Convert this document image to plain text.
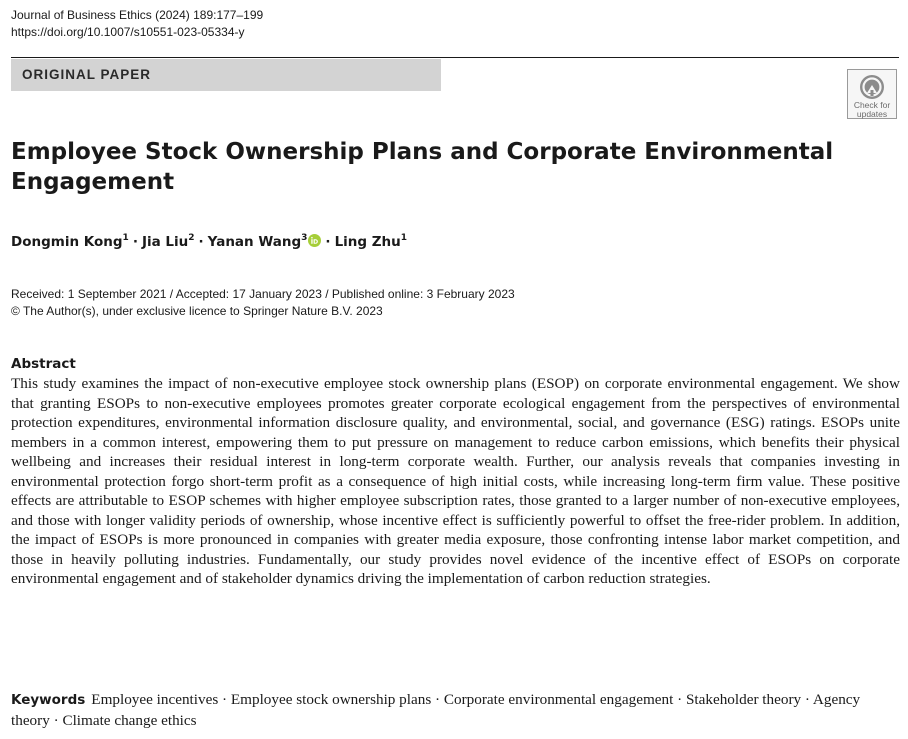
Journal of Business Ethics (2024) 189:177–199
https://doi.org/10.1007/s10551-023-05334-y
ORIGINAL PAPER
Check for
updates
Employee Stock Ownership Plans and Corporate Environmental Engagement
Dongmin Kong$^1$ · Jia Liu$^2$ · Yanan Wang$^3$ · Ling Zhu$^1$
Received: 1 September 2021 / Accepted: 17 January 2023 / Published online: 3 February 2023
© The Author(s), under exclusive licence to Springer Nature B.V. 2023
Abstract

This study examines the impact of non-executive employee stock ownership plans (ESOP) on corporate environmental engagement. We show that granting ESOPs to non-executive employees promotes greater corporate ecological engagement from the perspectives of environmental protection expenditures, environmental information disclosure quality, and environmental, social, and governance (ESG) ratings. ESOPs unite members in a common interest, empowering them to put pressure on management to reduce carbon emissions, which benefits their physical wellbeing and increases their residual interest in long-term corporate wealth. Further, our analysis reveals that companies investing in environmental protection forgo short-term profit as a consequence of high initial costs, while increasing long-term firm value. These positive effects are attributable to ESOP schemes with higher employee subscription rates, those granted to a larger number of non-executive employees, and those with longer validity periods of ownership, whose incentive effect is sufficiently powerful to offset the free-rider problem. In addition, the impact of ESOPs is more pronounced in companies with greater media exposure, those confronting intense labor market competition, and those in heavily polluting industries. Fundamentally, our study provides novel evidence of the incentive effect of ESOPs on corporate environmental engagement and of stakeholder dynamics driving the implementation of carbon reduction strategies.

Keywords Employee incentives · Employee stock ownership plans · Corporate environmental engagement · Stakeholder theory · Agency theory · Climate change ethics
